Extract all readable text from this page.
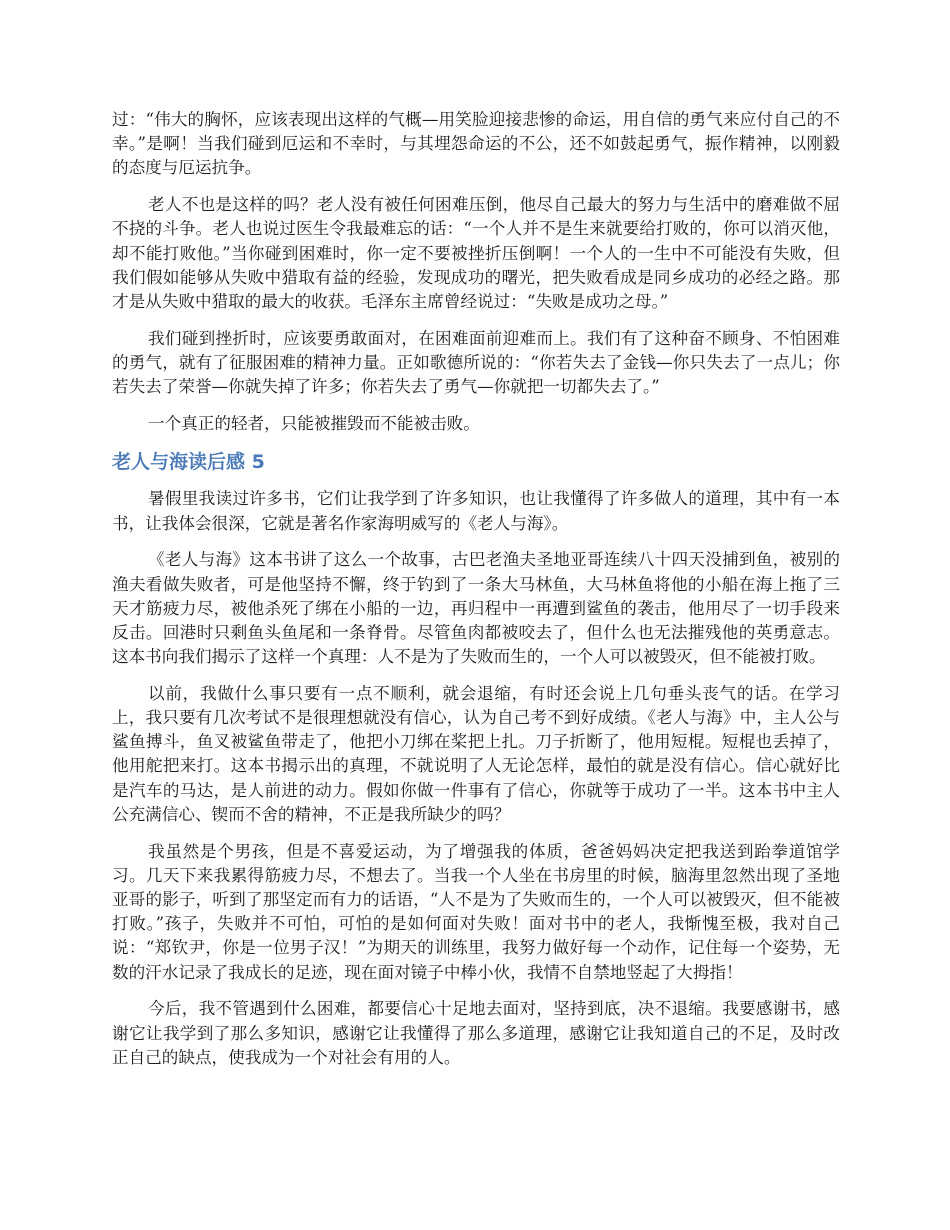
过：“伟大的胸怀，应该表现出这样的气概—用笑脸迎接悲惨的命运，用自信的勇气来应付自己的不幸。”是啊！当我们碰到厄运和不幸时，与其埋怨命运的不公，还不如鼓起勇气，振作精神，以刚毅的态度与厄运抗争。

老人不也是这样的吗？老人没有被任何困难压倒，他尽自己最大的努力与生活中的磨难做不屈不挠的斗争。老人也说过医生令我最难忘的话：“一个人并不是生来就要给打败的，你可以消灭他，却不能打败他。”当你碰到困难时，你一定不要被挫折压倒啊！一个人的一生中不可能没有失败，但我们假如能够从失败中猎取有益的经验，发现成功的曙光，把失败看成是同乡成功的必经之路。那才是从失败中猎取的最大的收获。毛泽东主席曾经说过：“失败是成功之母。”

我们碰到挫折时，应该要勇敢面对，在困难面前迎难而上。我们有了这种奋不顾身、不怕困难的勇气，就有了征服困难的精神力量。正如歌德所说的：“你若失去了金钱—你只失去了一点儿；你若失去了荣誉—你就失掉了许多；你若失去了勇气—你就把一切都失去了。”

一个真正的轻者，只能被摧毁而不能被击败。

老人与海读后感 5

暑假里我读过许多书，它们让我学到了许多知识，也让我懂得了许多做人的道理，其中有一本书，让我体会很深，它就是著名作家海明威写的《老人与海》。

《老人与海》这本书讲了这么一个故事，古巴老渔夫圣地亚哥连续八十四天没捕到鱼，被别的渔夫看做失败者，可是他坚持不懈，终于钓到了一条大马林鱼，大马林鱼将他的小船在海上拖了三天才筋疲力尽，被他杀死了绑在小船的一边，再归程中一再遭到鲨鱼的袭击，他用尽了一切手段来反击。回港时只剩鱼头鱼尾和一条脊骨。尽管鱼肉都被咬去了，但什么也无法摧残他的英勇意志。这本书向我们揭示了这样一个真理：人不是为了失败而生的，一个人可以被毁灭，但不能被打败。

以前，我做什么事只要有一点不顺利，就会退缩，有时还会说上几句垂头丧气的话。在学习上，我只要有几次考试不是很理想就没有信心，认为自己考不到好成绩。《老人与海》中，主人公与鲨鱼搏斗，鱼叉被鲨鱼带走了，他把小刀绑在桨把上扎。刀子折断了，他用短棍。短棍也丢掉了，他用舵把来打。这本书揭示出的真理，不就说明了人无论怎样，最怕的就是没有信心。信心就好比是汽车的马达，是人前进的动力。假如你做一件事有了信心，你就等于成功了一半。这本书中主人公充满信心、锲而不舍的精神，不正是我所缺少的吗？

我虽然是个男孩，但是不喜爱运动，为了增强我的体质，爸爸妈妈决定把我送到跆拳道馆学习。几天下来我累得筋疲力尽，不想去了。当我一个人坐在书房里的时候，脑海里忽然出现了圣地亚哥的影子，听到了那坚定而有力的话语，“人不是为了失败而生的，一个人可以被毁灭，但不能被打败。”孩子，失败并不可怕，可怕的是如何面对失败！面对书中的老人，我惭愧至极，我对自己说：“郑钦尹，你是一位男子汉！”为期天的训练里，我努力做好每一个动作，记住每一个姿势，无数的汗水记录了我成长的足迹，现在面对镜子中棒小伙，我情不自禁地竖起了大拇指！

今后，我不管遇到什么困难，都要信心十足地去面对，坚持到底，决不退缩。我要感谢书，感谢它让我学到了那么多知识，感谢它让我懂得了那么多道理，感谢它让我知道自己的不足，及时改正自己的缺点，使我成为一个对社会有用的人。
